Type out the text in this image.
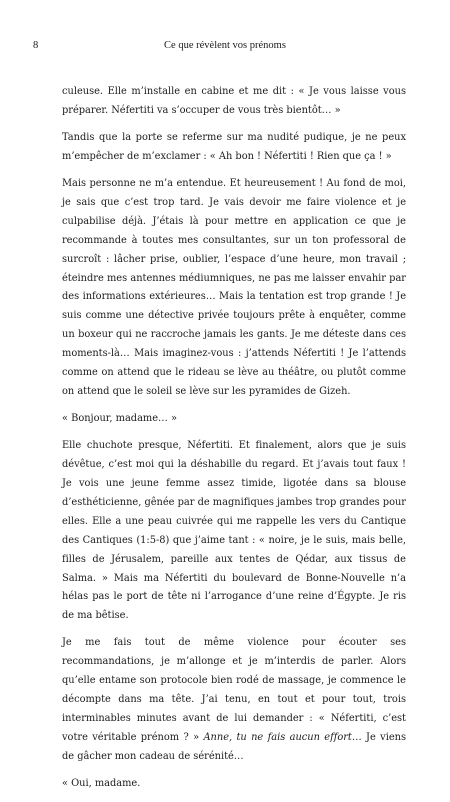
8	Ce que révèlent vos prénoms

culeuse. Elle m’installe en cabine et me dit : « Je vous laisse vous préparer. Néfertiti va s’occuper de vous très bientôt… »

Tandis que la porte se referme sur ma nudité pudique, je ne peux m’empêcher de m’exclamer : « Ah bon ! Néfertiti ! Rien que ça ! »

Mais personne ne m’a entendue. Et heureusement ! Au fond de moi, je sais que c’est trop tard. Je vais devoir me faire violence et je culpabilise déjà. J’étais là pour mettre en application ce que je recommande à toutes mes consultantes, sur un ton professoral de surcroît : lâcher prise, oublier, l’espace d’une heure, mon travail ; éteindre mes antennes médiumniques, ne pas me laisser envahir par des informations extérieures… Mais la tentation est trop grande ! Je suis comme une détective privée toujours prête à enquêter, comme un boxeur qui ne raccroche jamais les gants. Je me déteste dans ces moments-là… Mais imaginez-vous : j’attends Néfertiti ! Je l’attends comme on attend que le rideau se lève au théâtre, ou plutôt comme on attend que le soleil se lève sur les pyramides de Gizeh.

« Bonjour, madame… »

Elle chuchote presque, Néfertiti. Et finalement, alors que je suis dévêtue, c’est moi qui la déshabille du regard. Et j’avais tout faux ! Je vois une jeune femme assez timide, ligotée dans sa blouse d’esthéticienne, gênée par de magnifiques jambes trop grandes pour elles. Elle a une peau cuivrée qui me rappelle les vers du Cantique des Cantiques (1:5-8) que j’aime tant : « noire, je le suis, mais belle, filles de Jérusalem, pareille aux tentes de Qédar, aux tissus de Salma. » Mais ma Néfertiti du boulevard de Bonne-Nouvelle n’a hélas pas le port de tête ni l’arrogance d’une reine d’Égypte. Je ris de ma bêtise.

Je me fais tout de même violence pour écouter ses recommandations, je m’allonge et je m’interdis de parler. Alors qu’elle entame son protocole bien rodé de massage, je commence le décompte dans ma tête. J’ai tenu, en tout et pour tout, trois interminables minutes avant de lui demander : « Néfertiti, c’est votre véritable prénom ? » Anne, tu ne fais aucun effort… Je viens de gâcher mon cadeau de sérénité…

« Oui, madame.
